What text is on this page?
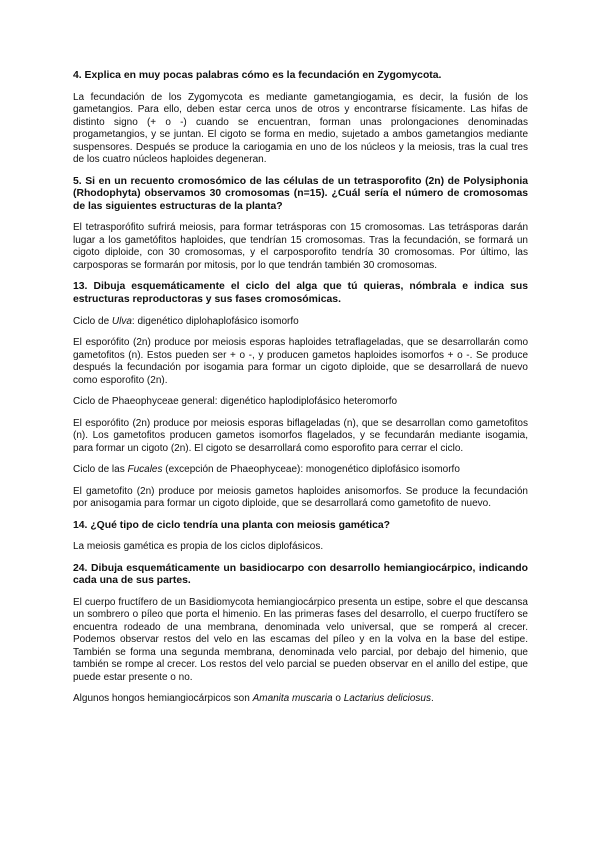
4. Explica en muy pocas palabras cómo es la fecundación en Zygomycota.
La fecundación de los Zygomycota es mediante gametangiogamia, es decir, la fusión de los gametangios. Para ello, deben estar cerca unos de otros y encontrarse físicamente. Las hifas de distinto signo (+ o -) cuando se encuentran, forman unas prolongaciones denominadas progametangios, y se juntan. El cigoto se forma en medio, sujetado a ambos gametangios mediante suspensores. Después se produce la cariogamia en uno de los núcleos y la meiosis, tras la cual tres de los cuatro núcleos haploides degeneran.
5. Si en un recuento cromosómico de las células de un tetrasporofito (2n) de Polysiphonia (Rhodophyta) observamos 30 cromosomas (n=15). ¿Cuál sería el número de cromosomas de las siguientes estructuras de la planta?
El tetrasporófito sufrirá meiosis, para formar tetrásporas con 15 cromosomas. Las tetrásporas darán lugar a los gametófitos haploides, que tendrían 15 cromosomas. Tras la fecundación, se formará un cigoto diploide, con 30 cromosomas, y el carposporofito tendría 30 cromosomas. Por último, las carposporas se formarán por mitosis, por lo que tendrán también 30 cromosomas.
13. Dibuja esquemáticamente el ciclo del alga que tú quieras, nómbrala e indica sus estructuras reproductoras y sus fases cromosómicas.
Ciclo de Ulva: digenético diplohaplofásico isomorfo
El esporófito (2n) produce por meiosis esporas haploides tetraflageladas, que se desarrollarán como gametofitos (n). Estos pueden ser + o -, y producen gametos haploides isomorfos + o -. Se produce después la fecundación por isogamia para formar un cigoto diploide, que se desarrollará de nuevo como esporofito (2n).
Ciclo de Phaeophyceae general: digenético haplodiplofásico heteromorfo
El esporófito (2n) produce por meiosis esporas biflageladas (n), que se desarrollan como gametofitos (n). Los gametofitos producen gametos isomorfos flagelados, y se fecundarán mediante isogamia, para formar un cigoto (2n). El cigoto se desarrollará como esporofito para cerrar el ciclo.
Ciclo de las Fucales (excepción de Phaeophyceae): monogenético diplofásico isomorfo
El gametofito (2n) produce por meiosis gametos haploides anisomorfos. Se produce la fecundación por anisogamia para formar un cigoto diploide, que se desarrollará como gametofito de nuevo.
14. ¿Qué tipo de ciclo tendría una planta con meiosis gamética?
La meiosis gamética es propia de los ciclos diplofásicos.
24. Dibuja esquemáticamente un basidiocarpo con desarrollo hemiangiocárpico, indicando cada una de sus partes.
El cuerpo fructífero de un Basidiomycota hemiangiocárpico presenta un estipe, sobre el que descansa un sombrero o píleo que porta el himenio. En las primeras fases del desarrollo, el cuerpo fructífero se encuentra rodeado de una membrana, denominada velo universal, que se romperá al crecer. Podemos observar restos del velo en las escamas del píleo y en la volva en la base del estipe. También se forma una segunda membrana, denominada velo parcial, por debajo del himenio, que también se rompe al crecer. Los restos del velo parcial se pueden observar en el anillo del estipe, que puede estar presente o no.
Algunos hongos hemiangiocárpicos son Amanita muscaria o Lactarius deliciosus.
